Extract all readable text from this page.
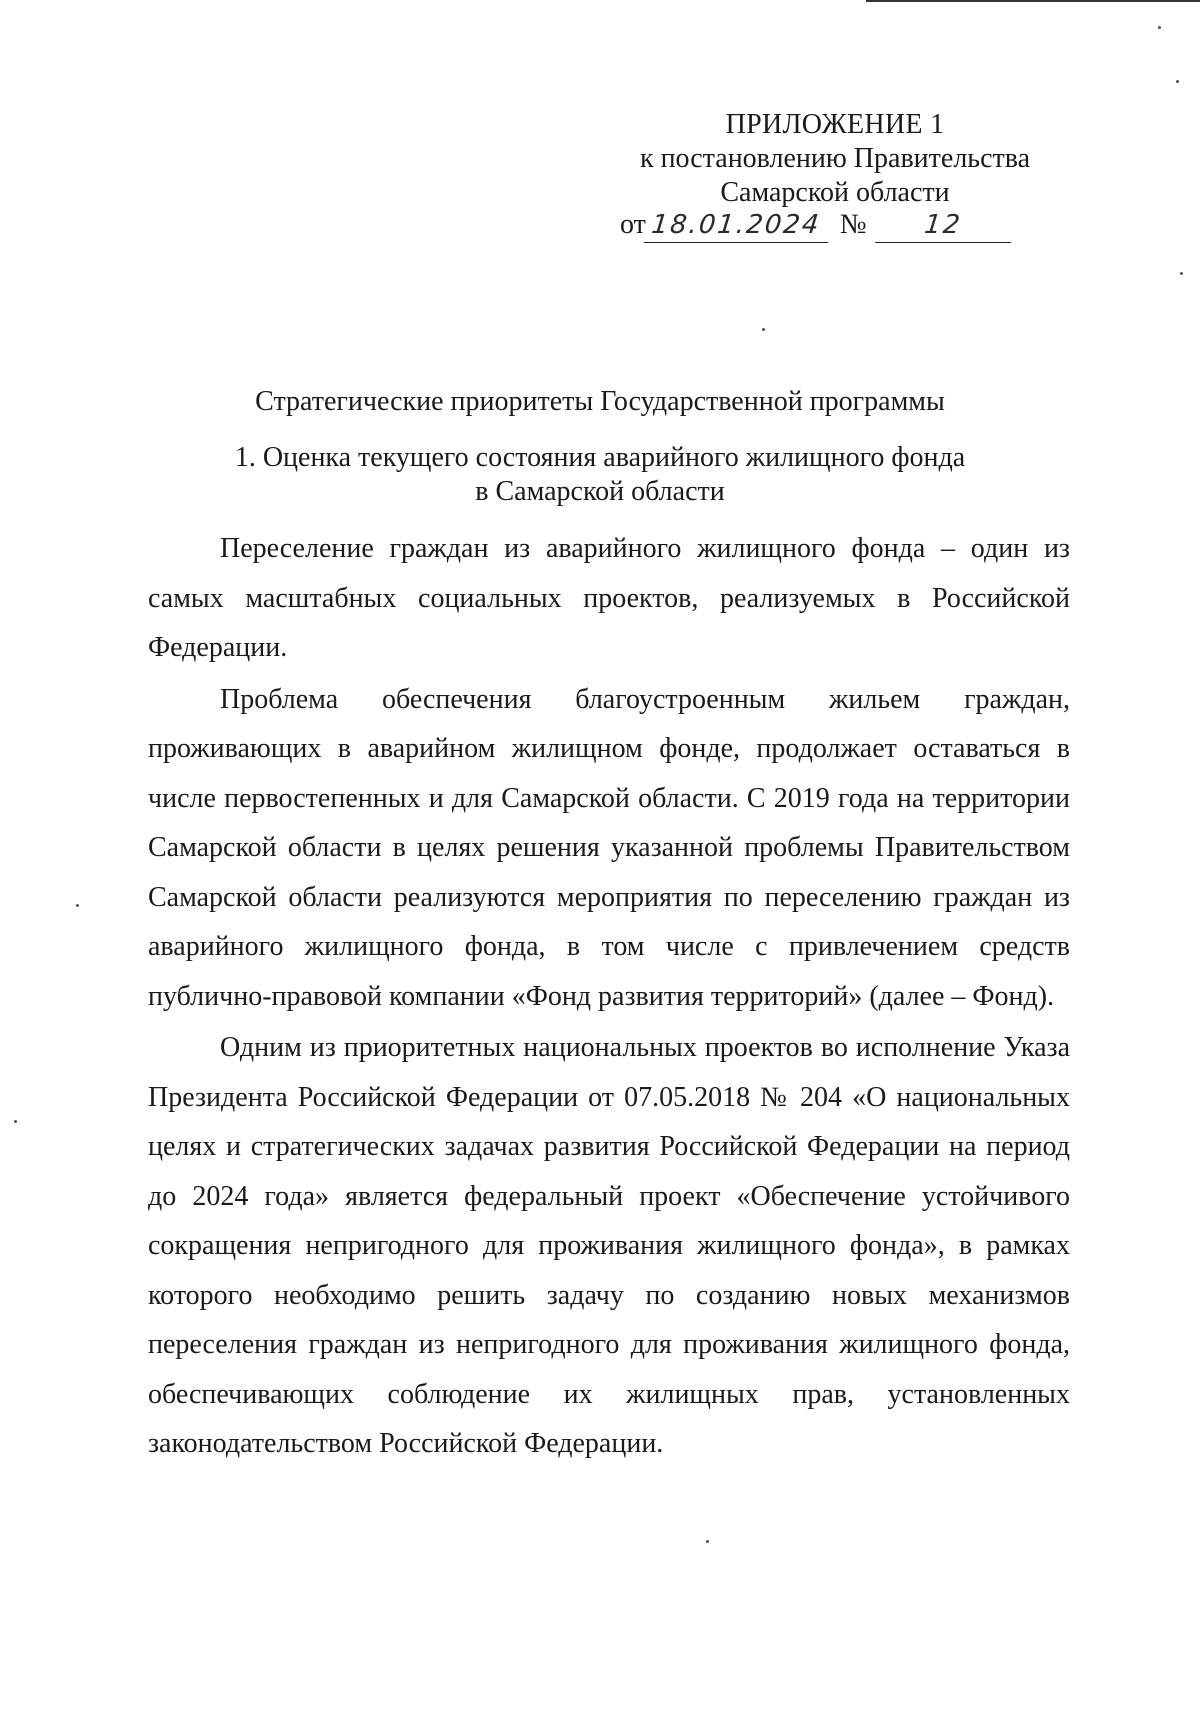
ПРИЛОЖЕНИЕ 1
к постановлению Правительства
Самарской области
от 18.01.2024 № 12
Стратегические приоритеты Государственной программы
1. Оценка текущего состояния аварийного жилищного фонда
в Самарской области

Переселение граждан из аварийного жилищного фонда – один из самых масштабных социальных проектов, реализуемых в Российской Федерации.

Проблема обеспечения благоустроенным жильем граждан, проживающих в аварийном жилищном фонде, продолжает оставаться в числе первостепенных и для Самарской области. С 2019 года на территории Самарской области в целях решения указанной проблемы Правительством Самарской области реализуются мероприятия по переселению граждан из аварийного жилищного фонда, в том числе с привлечением средств публично-правовой компании «Фонд развития территорий» (далее – Фонд).

Одним из приоритетных национальных проектов во исполнение Указа Президента Российской Федерации от 07.05.2018 № 204 «О национальных целях и стратегических задачах развития Российской Федерации на период до 2024 года» является федеральный проект «Обеспечение устойчивого сокращения непригодного для проживания жилищного фонда», в рамках которого необходимо решить задачу по созданию новых механизмов переселения граждан из непригодного для проживания жилищного фонда, обеспечивающих соблюдение их жилищных прав, установленных законодательством Российской Федерации.
